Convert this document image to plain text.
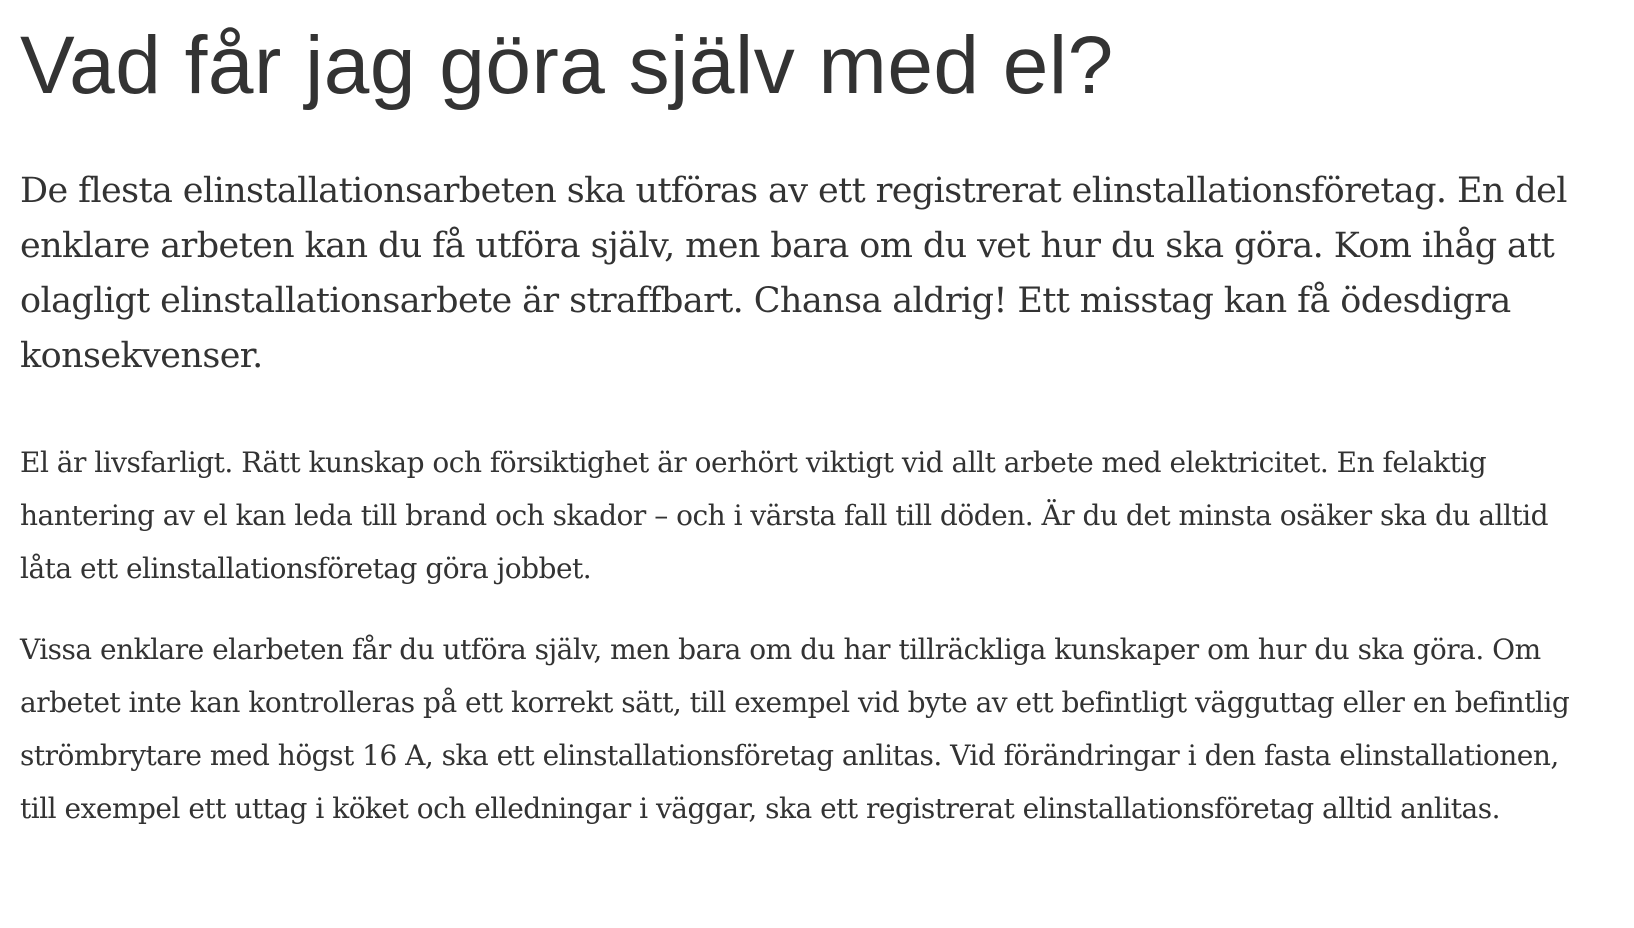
Vad får jag göra själv med el?

De flesta elinstallationsarbeten ska utföras av ett registrerat elinstallationsföretag. En del enklare arbeten kan du få utföra själv, men bara om du vet hur du ska göra. Kom ihåg att olagligt elinstallationsarbete är straffbart. Chansa aldrig! Ett misstag kan få ödesdigra konsekvenser.

El är livsfarligt. Rätt kunskap och försiktighet är oerhört viktigt vid allt arbete med elektricitet. En felaktig hantering av el kan leda till brand och skador – och i värsta fall till döden. Är du det minsta osäker ska du alltid låta ett elinstallationsföretag göra jobbet.

Vissa enklare elarbeten får du utföra själv, men bara om du har tillräckliga kunskaper om hur du ska göra. Om arbetet inte kan kontrolleras på ett korrekt sätt, till exempel vid byte av ett befintligt vägguttag eller en befintlig strömbrytare med högst 16 A, ska ett elinstallationsföretag anlitas. Vid förändringar i den fasta elinstallationen, till exempel ett uttag i köket och elledningar i väggar, ska ett registrerat elinstallationsföretag alltid anlitas.
